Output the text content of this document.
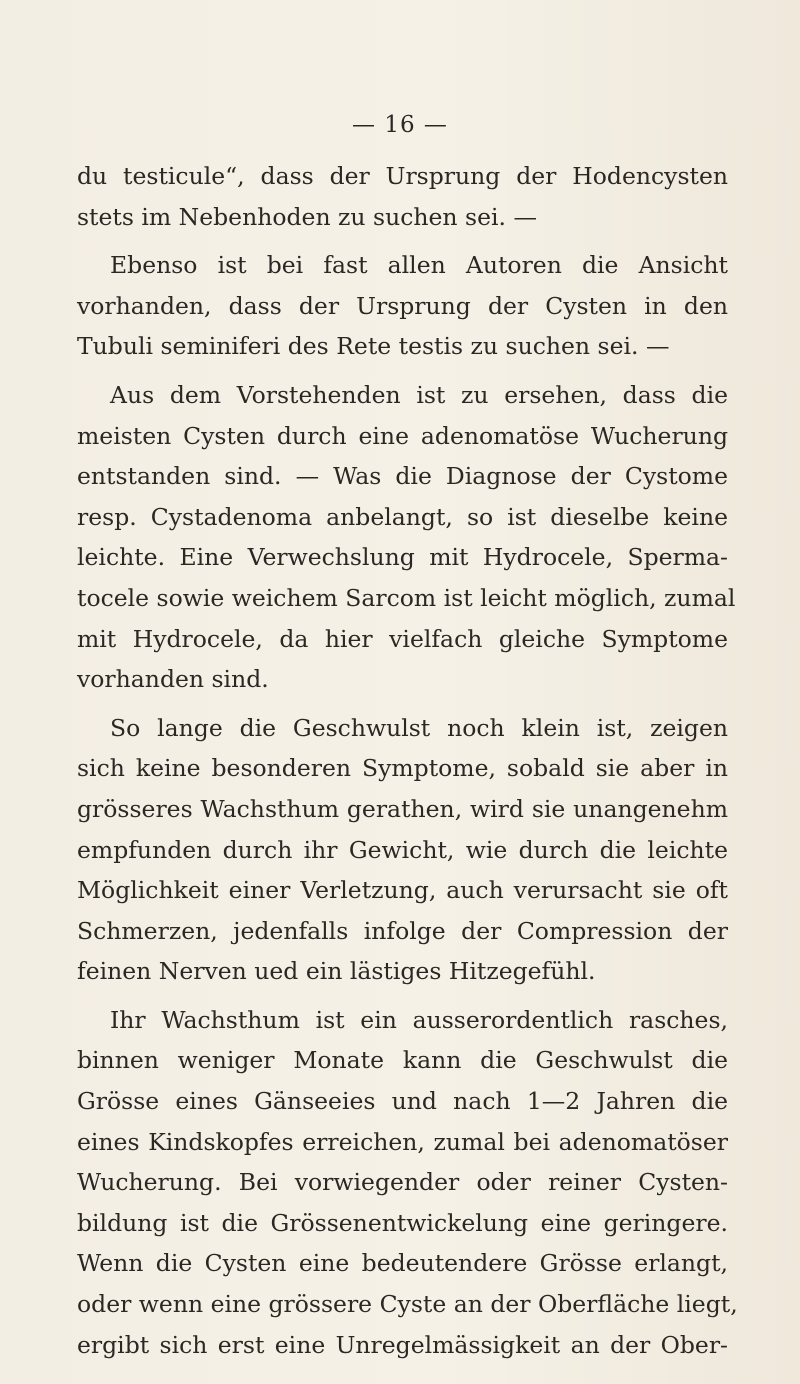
— 16 —
du testicule“, dass der Ursprung der Hodencysten
stets im Nebenhoden zu suchen sei. —
Ebenso ist bei fast allen Autoren die Ansicht
vorhanden, dass der Ursprung der Cysten in den
Tubuli seminiferi des Rete testis zu suchen sei. —
Aus dem Vorstehenden ist zu ersehen, dass die
meisten Cysten durch eine adenomatöse Wucherung
entstanden sind. — Was die Diagnose der Cystome
resp. Cystadenoma anbelangt, so ist dieselbe keine
leichte. Eine Verwechslung mit Hydrocele, Sperma-
tocele sowie weichem Sarcom ist leicht möglich, zumal
mit Hydrocele, da hier vielfach gleiche Symptome
vorhanden sind.
So lange die Geschwulst noch klein ist, zeigen
sich keine besonderen Symptome, sobald sie aber in
grösseres Wachsthum gerathen, wird sie unangenehm
empfunden durch ihr Gewicht, wie durch die leichte
Möglichkeit einer Verletzung, auch verursacht sie oft
Schmerzen, jedenfalls infolge der Compression der
feinen Nerven ued ein lästiges Hitzegefühl.
Ihr Wachsthum ist ein ausserordentlich rasches,
binnen weniger Monate kann die Geschwulst die
Grösse eines Gänseeies und nach 1—2 Jahren die
eines Kindskopfes erreichen, zumal bei adenomatöser
Wucherung. Bei vorwiegender oder reiner Cysten-
bildung ist die Grössenentwickelung eine geringere.
Wenn die Cysten eine bedeutendere Grösse erlangt,
oder wenn eine grössere Cyste an der Oberfläche liegt,
ergibt sich erst eine Unregelmässigkeit an der Ober-
